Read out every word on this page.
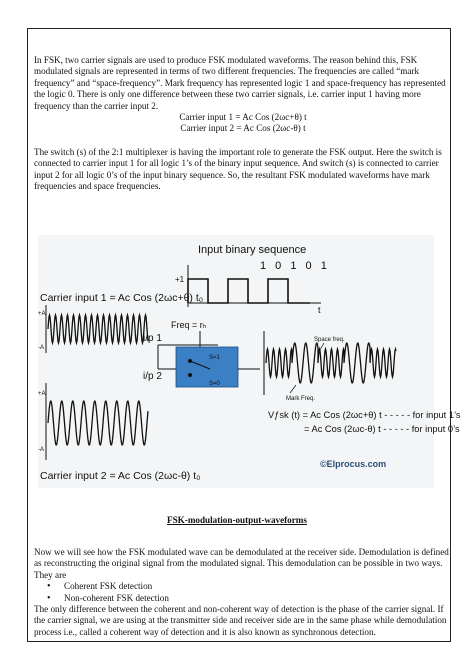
In FSK, two carrier signals are used to produce FSK modulated waveforms. The reason behind this, FSK modulated signals are represented in terms of two different frequencies. The frequencies are called “mark frequency” and “space-frequency”. Mark frequency has represented logic 1 and space-frequency has represented the logic 0. There is only one difference between these two carrier signals, i.e. carrier input 1 having more frequency than the carrier input 2.
Carrier input 1 = Ac Cos (2ωc+θ) t
Carrier input 2 = Ac Cos (2ωc-θ) t
The switch (s) of the 2:1 multiplexer is having the important role to generate the FSK output. Here the switch is connected to carrier input 1 for all logic 1’s of the binary input sequence. And switch (s) is connected to carrier input 2 for all logic 0’s of the input binary sequence. So, the resultant FSK modulated waveforms have mark frequencies and space frequencies.
Input binary sequence
1 0 1 0 1
+1
t
Carrier input 1 = Ac Cos (2ωc+θ) t₀
+A
-A
Carrier input 2 = Ac Cos (2ωc-θ) t₀
+A
-A
i/p 1
i/p 2
Freq = rₕ
S=1
S=0
Space freq.
Mark Freq.
Vƒsk (t) = Ac Cos (2ωc+θ) t - - - - - for input 1’s
= Ac Cos (2ωc-θ) t - - - - - for input 0’s
©Elprocus.com
FSK-modulation-output-waveforms
Now we will see how the FSK modulated wave can be demodulated at the receiver side. Demodulation is defined as reconstructing the original signal from the modulated signal. This demodulation can be possible in two ways. They are
• Coherent FSK detection
• Non-coherent FSK detection
The only difference between the coherent and non-coherent way of detection is the phase of the carrier signal. If the carrier signal, we are using at the transmitter side and receiver side are in the same phase while demodulation process i.e., called a coherent way of detection and it is also known as synchronous detection.
